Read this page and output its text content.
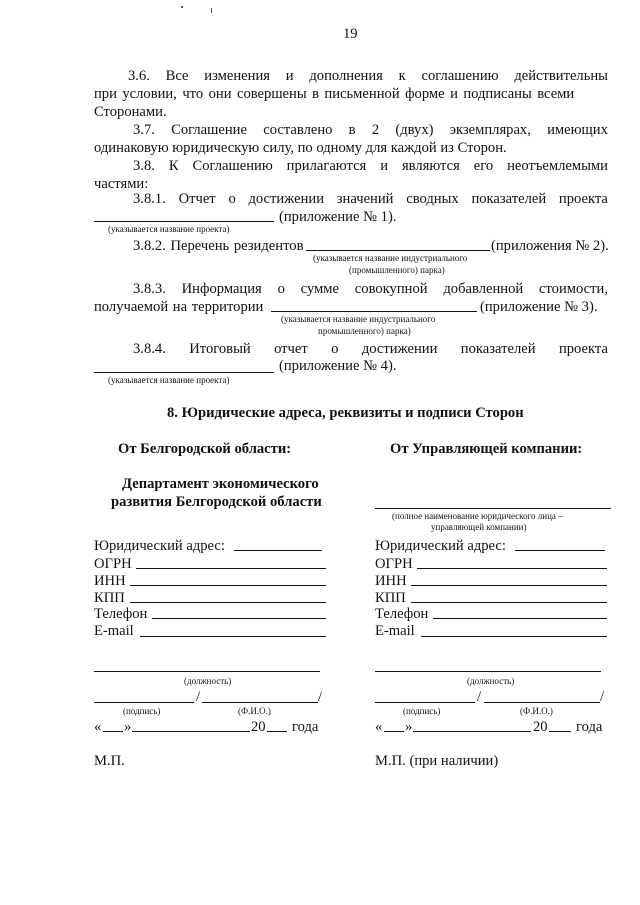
19
3.6. Все изменения и дополнения к соглашению действительны
при условии, что они совершены в письменной форме и подписаны всеми
Сторонами.
3.7. Соглашение составлено в 2 (двух) экземплярах, имеющих
одинаковую юридическую силу, по одному для каждой из Сторон.
3.8. К Соглашению прилагаются и являются его неотъемлемыми
частями:
3.8.1. Отчет о достижении значений сводных показателей проекта
(приложение № 1).
(указывается название проекта)
3.8.2. Перечень резидентов	(приложения № 2).
(указывается название индустриального
(промышленного) парка)
3.8.3. Информация о сумме совокупной добавленной стоимости,
получаемой на территории	(приложение № 3).
(указывается название индустриального
промышленного) парка)
3.8.4. Итоговый отчет о достижении показателей проекта
(приложение № 4).
(указывается название проекта)
8. Юридические адреса, реквизиты и подписи Сторон
От Белгородской области:
Департамент экономического
развития Белгородской области
Юридический адрес:
ОГРН
ИНН
КПП
Телефон
E-mail
(должность)
/	/
(подпись)	(Ф.И.О.)
« »	20 года
М.П.
От Управляющей компании:
(полное наименование юридического лица –
управляющей компании)
Юридический адрес:
ОГРН
ИНН
КПП
Телефон
E-mail
(должность)
/	/
(подпись)	(Ф.И.О.)
« »	20 года
М.П. (при наличии)
